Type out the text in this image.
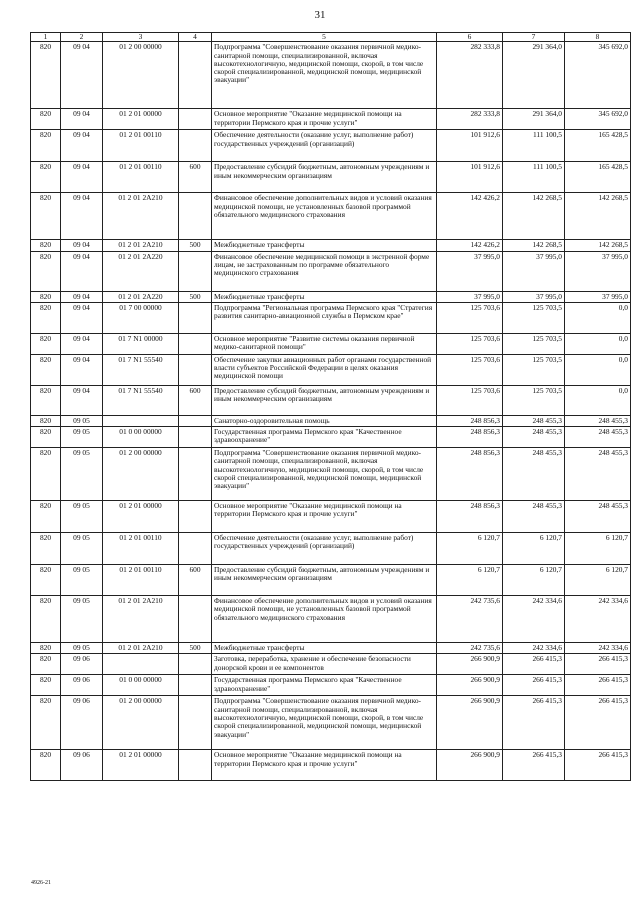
31
1	2	3	4	5	6	7	8
820	09 04	01 2 00 00000		Подпрограмма "Совершенствование оказания первичной медико-санитарной помощи, специализированной, включая высокотехнологичную, медицинской помощи, скорой, в том числе скорой специализированной, медицинской помощи, медицинской эвакуации"	282 333,8	291 364,0	345 692,0
820	09 04	01 2 01 00000		Основное мероприятие "Оказание медицинской помощи на территории Пермского края и прочие услуги"	282 333,8	291 364,0	345 692,0
820	09 04	01 2 01 00110		Обеспечение деятельности (оказание услуг, выполнение работ) государственных учреждений (организаций)	101 912,6	111 100,5	165 428,5
820	09 04	01 2 01 00110	600	Предоставление субсидий бюджетным, автономным учреждениям и иным некоммерческим организациям	101 912,6	111 100,5	165 428,5
820	09 04	01 2 01 2А210		Финансовое обеспечение дополнительных видов и условий оказания медицинской помощи, не установленных базовой программой обязательного медицинского страхования	142 426,2	142 268,5	142 268,5
820	09 04	01 2 01 2А210	500	Межбюджетные трансферты	142 426,2	142 268,5	142 268,5
820	09 04	01 2 01 2А220		Финансовое обеспечение медицинской помощи в экстренной форме лицам, не застрахованным по программе обязательного медицинского страхования	37 995,0	37 995,0	37 995,0
820	09 04	01 2 01 2А220	500	Межбюджетные трансферты	37 995,0	37 995,0	37 995,0
820	09 04	01 7 00 00000		Подпрограмма "Региональная программа Пермского края "Стратегия развития санитарно-авиационной службы в Пермском крае"	125 703,6	125 703,5	0,0
820	09 04	01 7 N1 00000		Основное мероприятие "Развитие системы оказания первичной медико-санитарной помощи"	125 703,6	125 703,5	0,0
820	09 04	01 7 N1 55540		Обеспечение закупки авиационных работ органами государственной власти субъектов Российской Федерации в целях оказания медицинской помощи	125 703,6	125 703,5	0,0
820	09 04	01 7 N1 55540	600	Предоставление субсидий бюджетным, автономным учреждениям и иным некоммерческим организациям	125 703,6	125 703,5	0,0
820	09 05			Санаторно-оздоровительная помощь	248 856,3	248 455,3	248 455,3
820	09 05	01 0 00 00000		Государственная программа Пермского края "Качественное здравоохранение"	248 856,3	248 455,3	248 455,3
820	09 05	01 2 00 00000		Подпрограмма "Совершенствование оказания первичной медико-санитарной помощи, специализированной, включая высокотехнологичную, медицинской помощи, скорой, в том числе скорой специализированной, медицинской помощи, медицинской эвакуации"	248 856,3	248 455,3	248 455,3
820	09 05	01 2 01 00000		Основное мероприятие "Оказание медицинской помощи на территории Пермского края и прочие услуги"	248 856,3	248 455,3	248 455,3
820	09 05	01 2 01 00110		Обеспечение деятельности (оказание услуг, выполнение работ) государственных учреждений (организаций)	6 120,7	6 120,7	6 120,7
820	09 05	01 2 01 00110	600	Предоставление субсидий бюджетным, автономным учреждениям и иным некоммерческим организациям	6 120,7	6 120,7	6 120,7
820	09 05	01 2 01 2А210		Финансовое обеспечение дополнительных видов и условий оказания медицинской помощи, не установленных базовой программой обязательного медицинского страхования	242 735,6	242 334,6	242 334,6
820	09 05	01 2 01 2А210	500	Межбюджетные трансферты	242 735,6	242 334,6	242 334,6
820	09 06			Заготовка, переработка, хранение и обеспечение безопасности донорской крови и ее компонентов	266 900,9	266 415,3	266 415,3
820	09 06	01 0 00 00000		Государственная программа Пермского края "Качественное здравоохранение"	266 900,9	266 415,3	266 415,3
820	09 06	01 2 00 00000		Подпрограмма "Совершенствование оказания первичной медико-санитарной помощи, специализированной, включая высокотехнологичную, медицинской помощи, скорой, в том числе скорой специализированной, медицинской помощи, медицинской эвакуации"	266 900,9	266 415,3	266 415,3
820	09 06	01 2 01 00000		Основное мероприятие "Оказание медицинской помощи на территории Пермского края и прочие услуги"	266 900,9	266 415,3	266 415,3
4926-21
